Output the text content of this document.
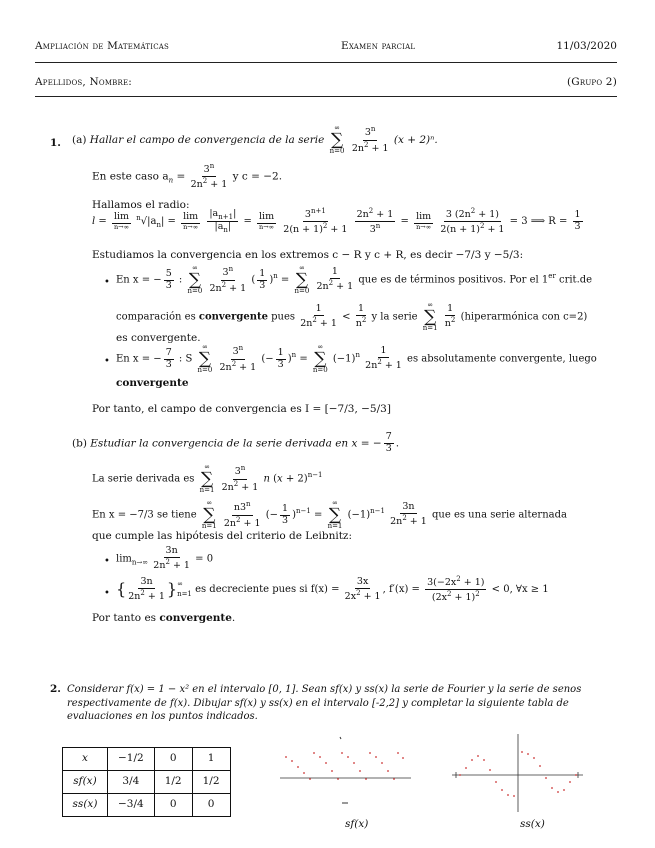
Ampliación de Matemáticas	Examen parcial	11/03/2020
Apellidos, Nombre:	(Grupo 2)
1. (a) Hallar el campo de convergencia de la serie
∞
∑
n=0
$\frac{3^n}{2n^2 + 1} (x + 2)^n$.
En este caso $a_n = \frac{3^n}{2n^2 + 1}$ y c = −2.
Hallamos el radio:
$l = \frac{\lim}{n\to\infty} ^n√|a_n| = \frac{\lim}{n\to\infty}$
$\frac{|a_{n+1}|}{|a_n|} = \frac{\lim}{n\to\infty}$
$\frac{3^{n+1}}{2(n + 1)^2 + 1}$
$\frac{2n^2 + 1}{3^n} = \frac{\lim}{n\to\infty}$
$\frac{3 (2n^2 + 1)}{2(n + 1)^2 + 1} = 3$ ⟹ $R = \frac{1}{3}$
Estudiamos la convergencia en los extremos c − R y c + R, es decir −7/3 y −5/3:
• En x = − $\frac{5}{3}$ :
∞
∑
n=0
$\frac{3^n}{2n^2 + 1}$ ( $\frac{1}{3} )^n$ =
∞
∑
n=0
$\frac{1}{2n^2 + 1}$ que es de términos positivos. Por el 1er crit.de
comparación es convergente pues $\frac{1}{2n^2 + 1} < \frac{1}{n^2}$ y la serie
∞
∑
n=1
$\frac{1}{n^2}$ (hiperarmónica con c=2)
es convergente.
• En x = − $\frac{7}{3}$ : S
∞
∑
n=0
$\frac{3^n}{2n^2 + 1}$ (− $\frac{1}{3} )^n$ =
∞
∑
n=0
$(-1)^n \frac{1}{2n^2 + 1}$ es absolutamente convergente, luego
convergente
Por tanto, el campo de convergencia es I = [−7/3, −5/3]
(b) Estudiar la convergencia de la serie derivada en x = − $\frac{7}{3}$ .
La serie derivada es
∞
∑
n=1
$\frac{3^n}{2n^2 + 1}$ n $(x + 2)^{n-1}$
En x = −7/3 se tiene
∞
∑
n=1
$\frac{n3^n}{2n^2 + 1}$ (− $\frac{1}{3} )^{n-1}$ =
∞
∑
n=1
$(-1)^{n-1} \frac{3n}{2n^2 + 1}$ que es una serie alternada
que cumple las hipótesis del criterio de Leibnitz:
• $\lim_{n\to\infty} \frac{3n}{2n^2 + 1} = 0$
• { $\frac{3n}{2n^2 + 1}$ } ∞
n=1 es decreciente pues si $f(x) = \frac{3x}{2x^2 + 1}$ , $f'(x) = \frac{3(-2x^2 + 1)}{(2x^2 + 1)^2} < 0$, ∀x ≥ 1
Por tanto es convergente.
2. Considerar f(x) = 1 − x² en el intervalo [0, 1]. Sean sf(x) y ss(x) la serie de Fourier y la serie de senos respectivamente de f(x). Dibujar sf(x) y ss(x) en el intervalo [-2,2] y completar la siguiente tabla de evaluaciones en los puntos indicados.
x	−1/2	0	1
sf(x)	3/4	1/2	1/2
ss(x)	−3/4	0	0
sf(x)	ss(x)
